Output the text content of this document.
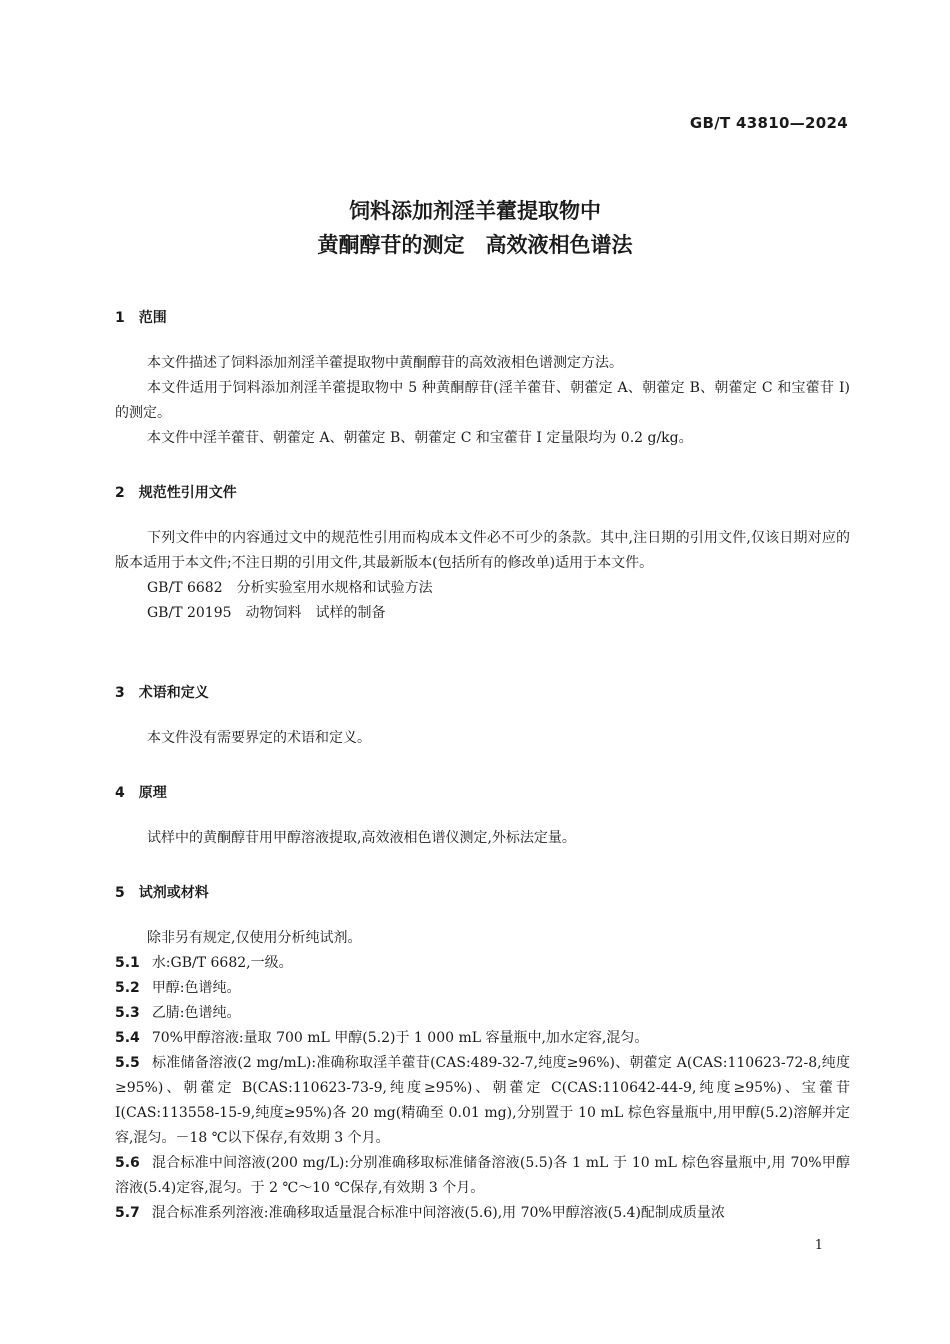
GB/T 43810—2024
饲料添加剂淫羊藿提取物中
黄酮醇苷的测定　高效液相色谱法
1　范围
本文件描述了饲料添加剂淫羊藿提取物中黄酮醇苷的高效液相色谱测定方法。
本文件适用于饲料添加剂淫羊藿提取物中 5 种黄酮醇苷(淫羊藿苷、朝藿定 A、朝藿定 B、朝藿定 C 和宝藿苷 I)的测定。
本文件中淫羊藿苷、朝藿定 A、朝藿定 B、朝藿定 C 和宝藿苷 I 定量限均为 0.2 g/kg。
2　规范性引用文件
下列文件中的内容通过文中的规范性引用而构成本文件必不可少的条款。其中,注日期的引用文件,仅该日期对应的版本适用于本文件;不注日期的引用文件,其最新版本(包括所有的修改单)适用于本文件。
GB/T 6682　分析实验室用水规格和试验方法
GB/T 20195　动物饲料　试样的制备
3　术语和定义
本文件没有需要界定的术语和定义。
4　原理
试样中的黄酮醇苷用甲醇溶液提取,高效液相色谱仪测定,外标法定量。
5　试剂或材料
除非另有规定,仅使用分析纯试剂。
5.1 水:GB/T 6682,一级。
5.2 甲醇:色谱纯。
5.3 乙腈:色谱纯。
5.4 70%甲醇溶液:量取 700 mL 甲醇(5.2)于 1 000 mL 容量瓶中,加水定容,混匀。
5.5 标准储备溶液(2 mg/mL):准确称取淫羊藿苷(CAS:489-32-7,纯度≥96%)、朝藿定 A(CAS:110623-72-8,纯度≥95%)、朝藿定 B(CAS:110623-73-9,纯度≥95%)、朝藿定 C(CAS:110642-44-9,纯度≥95%)、宝藿苷 I(CAS:113558-15-9,纯度≥95%)各 20 mg(精确至 0.01 mg),分别置于 10 mL 棕色容量瓶中,用甲醇(5.2)溶解并定容,混匀。－18 ℃以下保存,有效期 3 个月。
5.6 混合标准中间溶液(200 mg/L):分别准确移取标准储备溶液(5.5)各 1 mL 于 10 mL 棕色容量瓶中,用 70%甲醇溶液(5.4)定容,混匀。于 2 ℃～10 ℃保存,有效期 3 个月。
5.7 混合标准系列溶液:准确移取适量混合标准中间溶液(5.6),用 70%甲醇溶液(5.4)配制成质量浓
1
